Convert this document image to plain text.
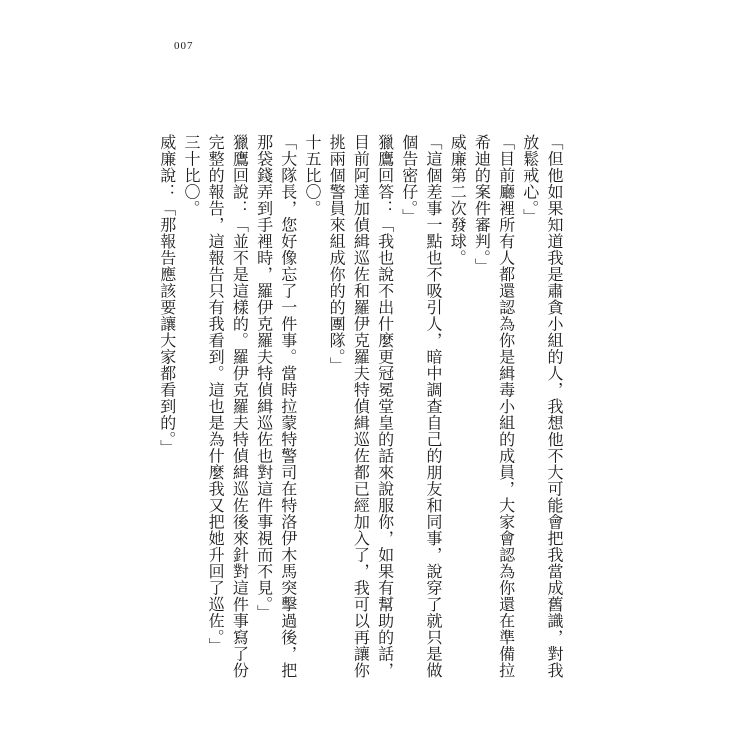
007

「但他如果知道我是肅貪小組的人，我想他不大可能會把我當成舊識，對我放鬆戒心。」

「目前廳裡所有人都還認為你是緝毒小組的成員，大家會認為你還在準備拉希迪的案件審判。」

威廉第二次發球。

「這個差事一點也不吸引人，暗中調查自己的朋友和同事，說穿了就只是做個告密仔。」

獵鷹回答：「我也說不出什麼更冠冕堂皇的話來說服你，如果有幫助的話，目前阿達加偵緝巡佐和羅伊克羅夫特偵緝巡佐都已經加入了，我可以再讓你挑兩個警員來組成你的的團隊。」

十五比〇。

「大隊長，您好像忘了一件事。當時拉蒙特警司在特洛伊木馬突擊過後，把那袋錢弄到手裡時，羅伊克羅夫特偵緝巡佐也對這件事視而不見。」

獵鷹回說：「並不是這樣的。羅伊克羅夫特偵緝巡佐後來針對這件事寫了份完整的報告，這報告只有我看到。這也是為什麼我又把她升回了巡佐。」

三十比〇。

威廉說：「那報告應該要讓大家都看到的。」
